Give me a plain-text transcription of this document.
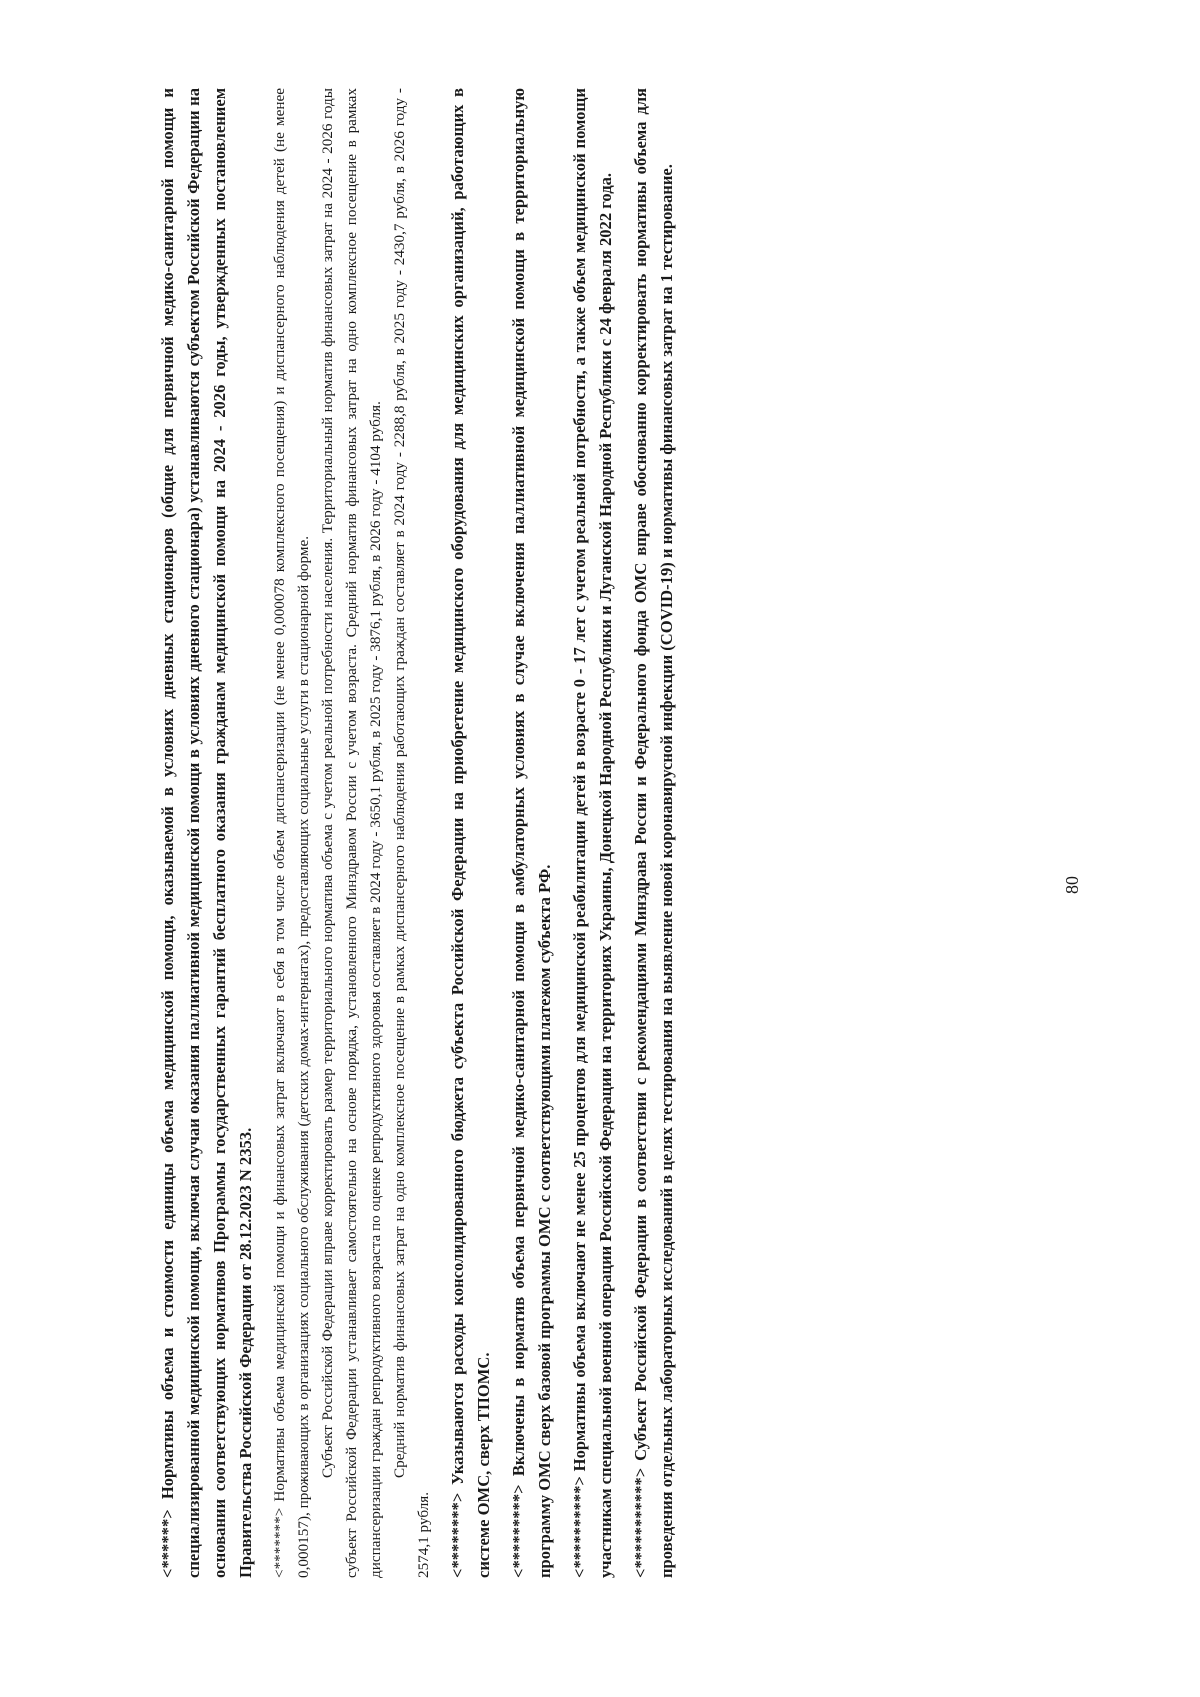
<******> Нормативы объема и стоимости единицы объема медицинской помощи, оказываемой в условиях дневных стационаров (общие для первичной медико-санитарной помощи и специализированной медицинской помощи, включая случаи оказания паллиативной медицинской помощи в условиях дневного стационара) устанавливаются субъектом Российской Федерации на основании соответствующих нормативов Программы государственных гарантий бесплатного оказания гражданам медицинской помощи на 2024 - 2026 годы, утвержденных постановлением Правительства Российской Федерации от 28.12.2023 N 2353. <*******> Нормативы объема медицинской помощи и финансовых затрат включают в себя в том числе объем диспансеризации (не менее 0,000078 комплексного посещения) и диспансерного наблюдения детей (не менее 0,000157), проживающих в организациях социального обслуживания (детских домах-интернатах), предоставляющих социальные услуги в стационарной форме. Субъект Российской Федерации вправе корректировать размер территориального норматива объема с учетом реальной потребности населения. Территориальный норматив финансовых затрат на 2024 - 2026 годы субъект Российской Федерации устанавливает самостоятельно на основе порядка, установленного Минздравом России с учетом возраста. Средний норматив финансовых затрат на одно комплексное посещение в рамках диспансеризации граждан репродуктивного возраста по оценке репродуктивного здоровья составляет в 2024 году - 3650,1 рубля, в 2025 году - 3876,1 рубля, в 2026 году - 4104 рубля. Средний норматив финансовых затрат на одно комплексное посещение в рамках диспансерного наблюдения работающих граждан составляет в 2024 году - 2288,8 рубля, в 2025 году - 2430,7 рубля, в 2026 году - 2574,1 рубля. <********> Указываются расходы консолидированного бюджета субъекта Российской Федерации на приобретение медицинского оборудования для медицинских организаций, работающих в системе ОМС, сверх ТПОМС. <*********> Включены в норматив объема первичной медико-санитарной помощи в амбулаторных условиях в случае включения паллиативной медицинской помощи в территориальную программу ОМС сверх базовой программы ОМС с соответствующими платежом субъекта РФ. <**********> Нормативы объема включают не менее 25 процентов для медицинской реабилитации детей в возрасте 0 - 17 лет с учетом реальной потребности, а также объем медицинской помощи участникам специальной военной операции Российской Федерации на территориях Украины, Донецкой Народной Республики и Луганской Народной Республики с 24 февраля 2022 года. <***********> Субъект Российской Федерации в соответствии с рекомендациями Минздрава России и Федерального фонда ОМС вправе обоснованно корректировать нормативы объема для проведения отдельных лабораторных исследований в целях тестирования на выявление новой коронавирусной инфекции (COVID-19) и нормативы финансовых затрат на 1 тестирование.	80
